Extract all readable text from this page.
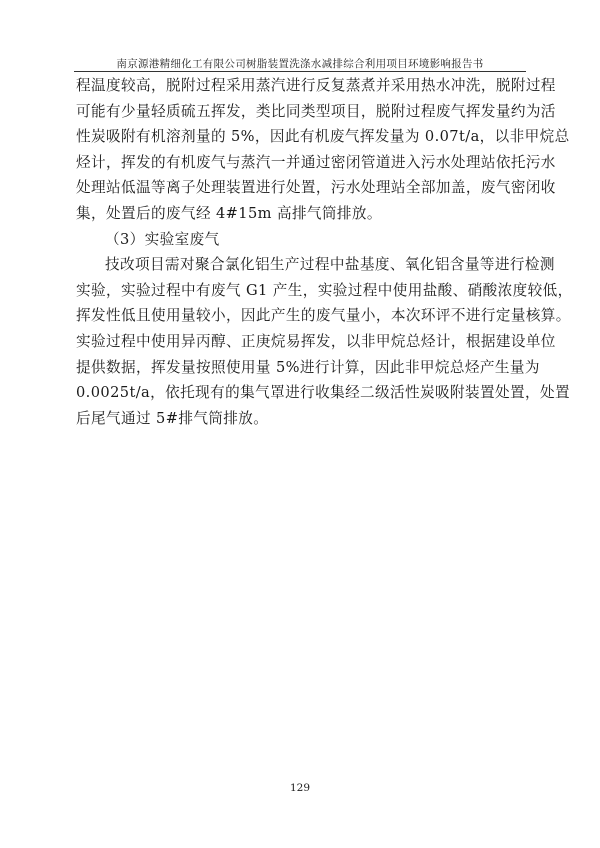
南京源港精细化工有限公司树脂装置洗涤水减排综合利用项目环境影响报告书
程温度较高，脱附过程采用蒸汽进行反复蒸煮并采用热水冲洗，脱附过程
可能有少量轻质硫五挥发，类比同类型项目，脱附过程废气挥发量约为活
性炭吸附有机溶剂量的 5%，因此有机废气挥发量为 0.07t/a，以非甲烷总
烃计，挥发的有机废气与蒸汽一并通过密闭管道进入污水处理站依托污水
处理站低温等离子处理装置进行处置，污水处理站全部加盖，废气密闭收
集，处置后的废气经 4#15m 高排气筒排放。
（3）实验室废气
技改项目需对聚合氯化铝生产过程中盐基度、氧化铝含量等进行检测
实验，实验过程中有废气 G1 产生，实验过程中使用盐酸、硝酸浓度较低，
挥发性低且使用量较小，因此产生的废气量小，本次环评不进行定量核算。
实验过程中使用异丙醇、正庚烷易挥发，以非甲烷总烃计，根据建设单位
提供数据，挥发量按照使用量 5%进行计算，因此非甲烷总烃产生量为
0.0025t/a，依托现有的集气罩进行收集经二级活性炭吸附装置处置，处置
后尾气通过 5#排气筒排放。
129
